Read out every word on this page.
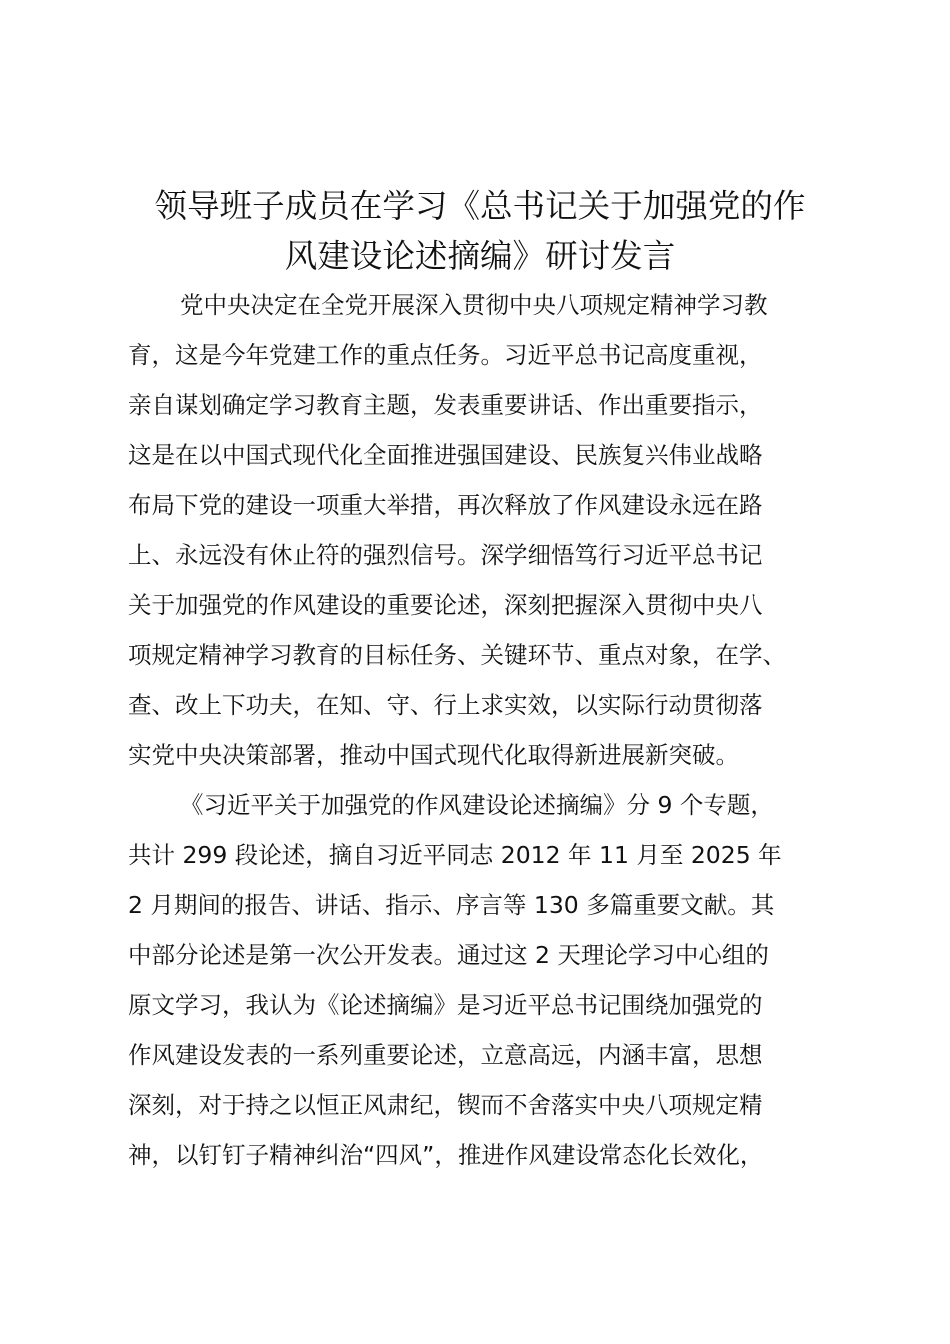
领导班子成员在学习《总书记关于加强党的作
风建设论述摘编》研讨发言

党中央决定在全党开展深入贯彻中央八项规定精神学习教

育，这是今年党建工作的重点任务。习近平总书记高度重视，

亲自谋划确定学习教育主题，发表重要讲话、作出重要指示，

这是在以中国式现代化全面推进强国建设、民族复兴伟业战略

布局下党的建设一项重大举措，再次释放了作风建设永远在路

上、永远没有休止符的强烈信号。深学细悟笃行习近平总书记

关于加强党的作风建设的重要论述，深刻把握深入贯彻中央八

项规定精神学习教育的目标任务、关键环节、重点对象，在学、

查、改上下功夫，在知、守、行上求实效，以实际行动贯彻落

实党中央决策部署，推动中国式现代化取得新进展新突破。

《习近平关于加强党的作风建设论述摘编》分 9 个专题，

共计 299 段论述，摘自习近平同志 2012 年 11 月至 2025 年

2 月期间的报告、讲话、指示、序言等 130 多篇重要文献。其

中部分论述是第一次公开发表。通过这 2 天理论学习中心组的

原文学习，我认为《论述摘编》是习近平总书记围绕加强党的

作风建设发表的一系列重要论述，立意高远，内涵丰富，思想

深刻，对于持之以恒正风肃纪，锲而不舍落实中央八项规定精

神，以钉钉子精神纠治“四风”，推进作风建设常态化长效化，
